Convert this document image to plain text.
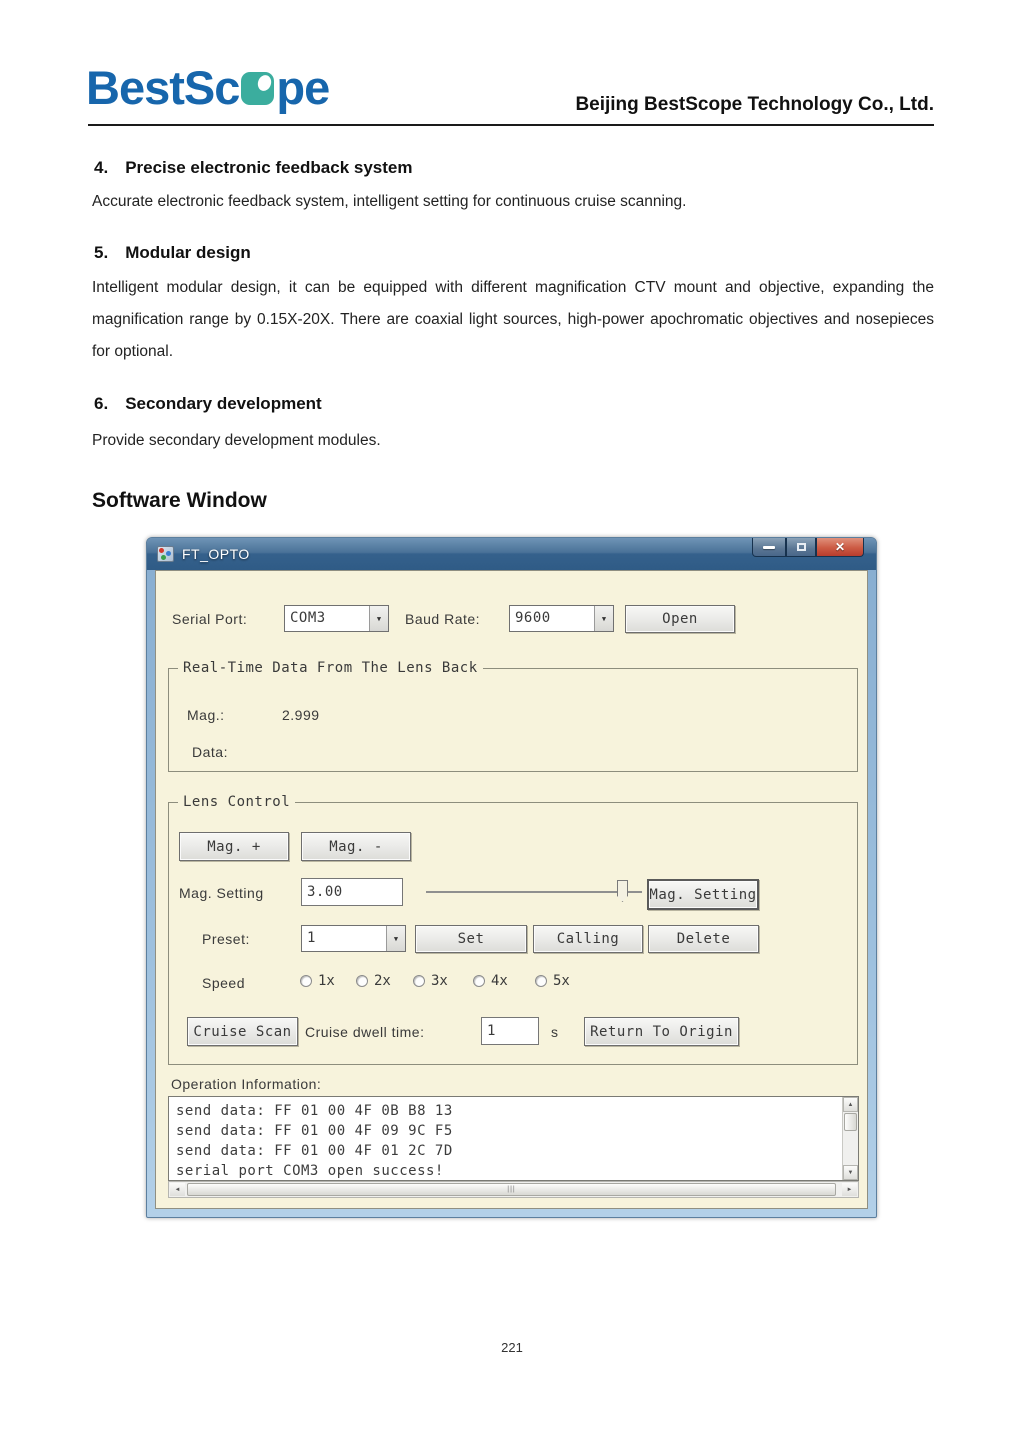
BestSc pe	Beijing BestScope Technology Co., Ltd.
4. Precise electronic feedback system

Accurate electronic feedback system, intelligent setting for continuous cruise scanning.

5. Modular design

Intelligent modular design, it can be equipped with different magnification CTV mount and objective, expanding the magnification range by 0.15X-20X. There are coaxial light sources, high-power apochromatic objectives and nosepieces for optional.

6. Secondary development

Provide secondary development modules.

Software Window
FT_OPTO	✕
Serial Port:	COM3	▼	Baud Rate:	9600	▼	Open
Real-Time Data From The Lens Back
Mag.:	2.999
Data:
Lens Control
Mag. +	Mag. -
Mag. Setting
3.00	Mag. Setting
Preset:	1	▼	Set	Calling	Delete
Speed	1x	2x	3x	4x	5x
Cruise Scan Cruise dwell time:
1	s	Return To Origin
Operation Information:
send data: FF 01 00 4F 0B B8 13
send data: FF 01 00 4F 09 9C F5
send data: FF 01 00 4F 01 2C 7D
serial port COM3 open success!
▲
▼
◄	|||	►
221
